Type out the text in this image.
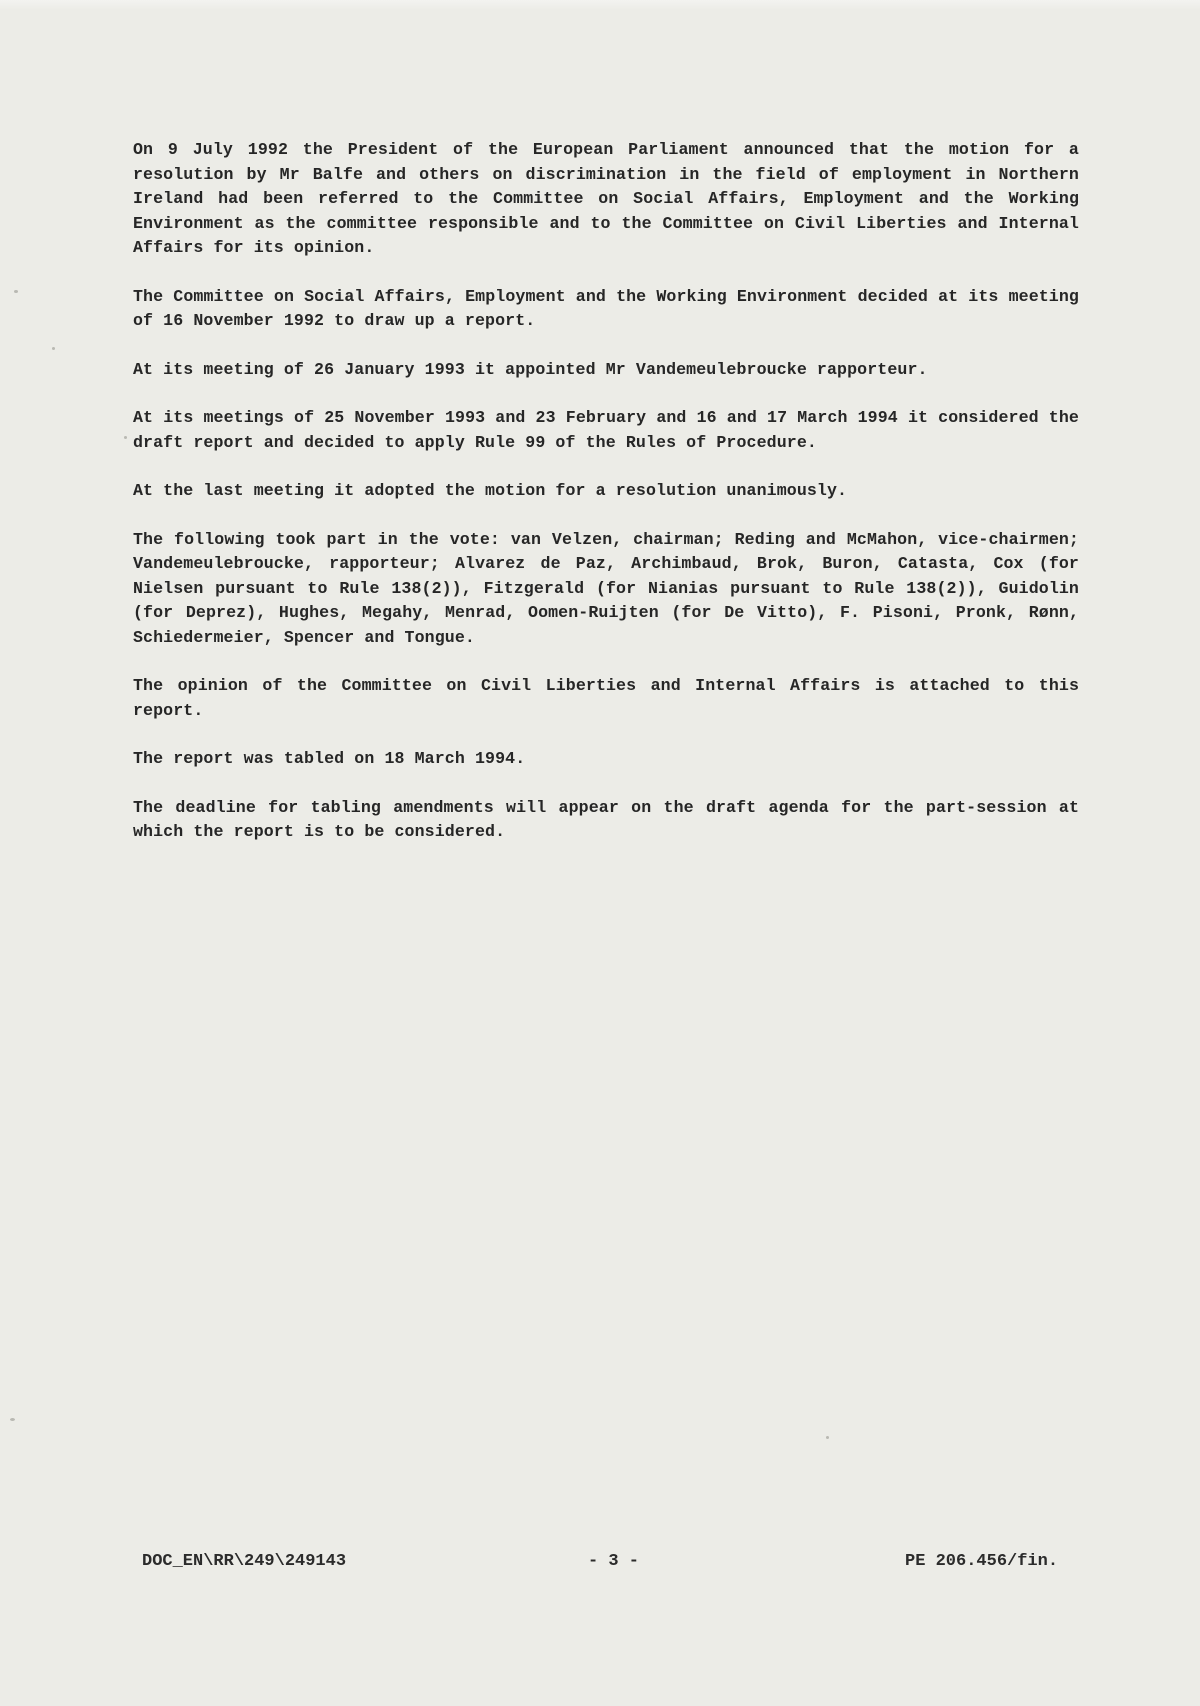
On 9 July 1992 the President of the European Parliament announced that the motion for a resolution by Mr Balfe and others on discrimination in the field of employment in Northern Ireland had been referred to the Committee on Social Affairs, Employment and the Working Environment as the committee responsible and to the Committee on Civil Liberties and Internal Affairs for its opinion.

The Committee on Social Affairs, Employment and the Working Environment decided at its meeting of 16 November 1992 to draw up a report.

At its meeting of 26 January 1993 it appointed Mr Vandemeulebroucke rapporteur.

At its meetings of 25 November 1993 and 23 February and 16 and 17 March 1994 it considered the draft report and decided to apply Rule 99 of the Rules of Procedure.

At the last meeting it adopted the motion for a resolution unanimously.

The following took part in the vote: van Velzen, chairman; Reding and McMahon, vice-chairmen; Vandemeulebroucke, rapporteur; Alvarez de Paz, Archimbaud, Brok, Buron, Catasta, Cox (for Nielsen pursuant to Rule 138(2)), Fitzgerald (for Nianias pursuant to Rule 138(2)), Guidolin (for Deprez), Hughes, Megahy, Menrad, Oomen-Ruijten (for De Vitto), F. Pisoni, Pronk, Rønn, Schiedermeier, Spencer and Tongue.

The opinion of the Committee on Civil Liberties and Internal Affairs is attached to this report.

The report was tabled on 18 March 1994.

The deadline for tabling amendments will appear on the draft agenda for the part-session at which the report is to be considered.

DOC_EN\RR\249\249143	- 3 -	PE 206.456/fin.
